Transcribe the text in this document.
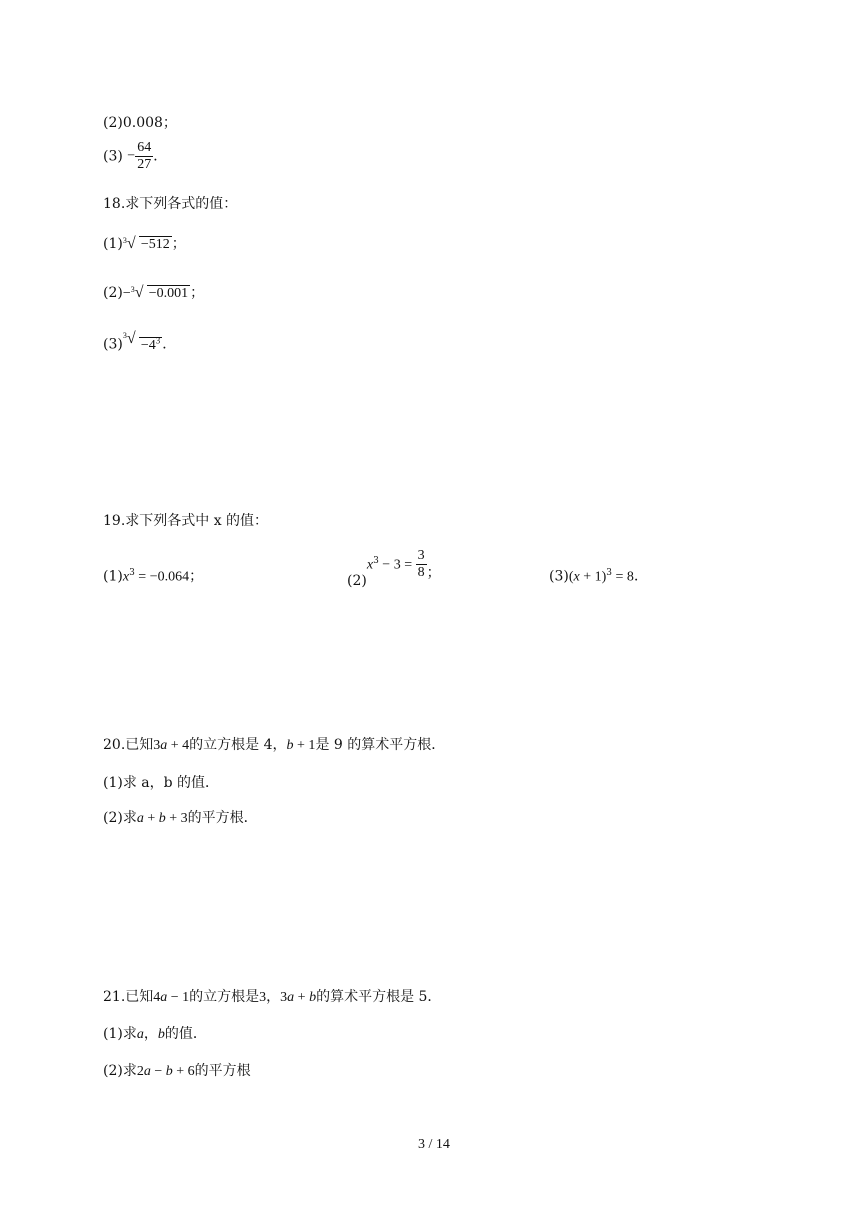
(2)0.008；
$(3) - \frac{64}{27}$ ．
18.求下列各式的值：
(1) 3 √ −512 ；
(2)− 3 √ −0.001 ；
(3)
3 √ $-4^3$ ．
19.求下列各式中 x 的值：
$(1)x^3 = -0.064$；	$(2)x^3 - 3 = \frac{3}{8}$ ；	$(3)(x + 1)^3 = 8$．
20.已知3a + 4的立方根是 4，b + 1是 9 的算术平方根．
(1)求 a，b 的值．
(2)求a + b + 3的平方根．
21.已知4a − 1的立方根是3，3a + b的算术平方根是 5．
(1)求a，b的值．
(2)求2a − b + 6的平方根
3 / 14
